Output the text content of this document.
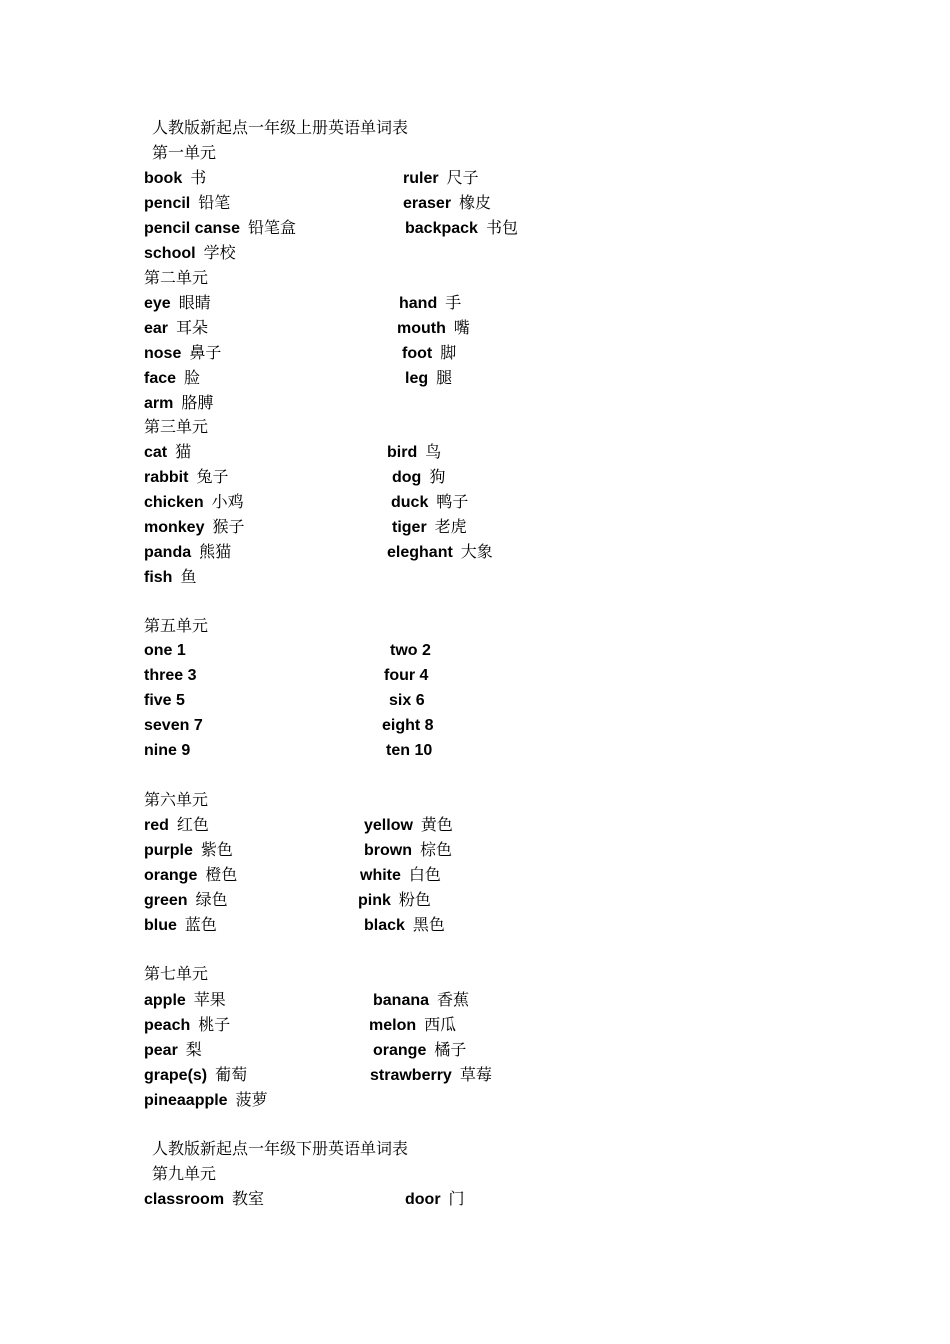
人教版新起点一年级上册英语单词表
第一单元
book 书	ruler 尺子
pencil 铅笔	eraser 橡皮
pencil canse 铅笔盒	backpack 书包
school 学校
第二单元
eye 眼睛	hand 手
ear 耳朵	mouth 嘴
nose 鼻子	foot 脚
face 脸	leg 腿
arm 胳膊
第三单元
cat 猫	bird 鸟
rabbit 兔子	dog 狗
chicken 小鸡	duck 鸭子
monkey 猴子	tiger 老虎
panda 熊猫	eleghant 大象
fish 鱼
第五单元
one 1	two 2
three 3	four 4
five 5	six 6
seven 7	eight 8
nine 9	ten 10
第六单元
red 红色	yellow 黄色
purple 紫色	brown 棕色
orange 橙色	white 白色
green 绿色	pink 粉色
blue 蓝色	black 黑色
第七单元
apple 苹果	banana 香蕉
peach 桃子	melon 西瓜
pear 梨	orange 橘子
grape(s) 葡萄	strawberry 草莓
pineaapple 菠萝
人教版新起点一年级下册英语单词表
第九单元
classroom 教室	door 门
